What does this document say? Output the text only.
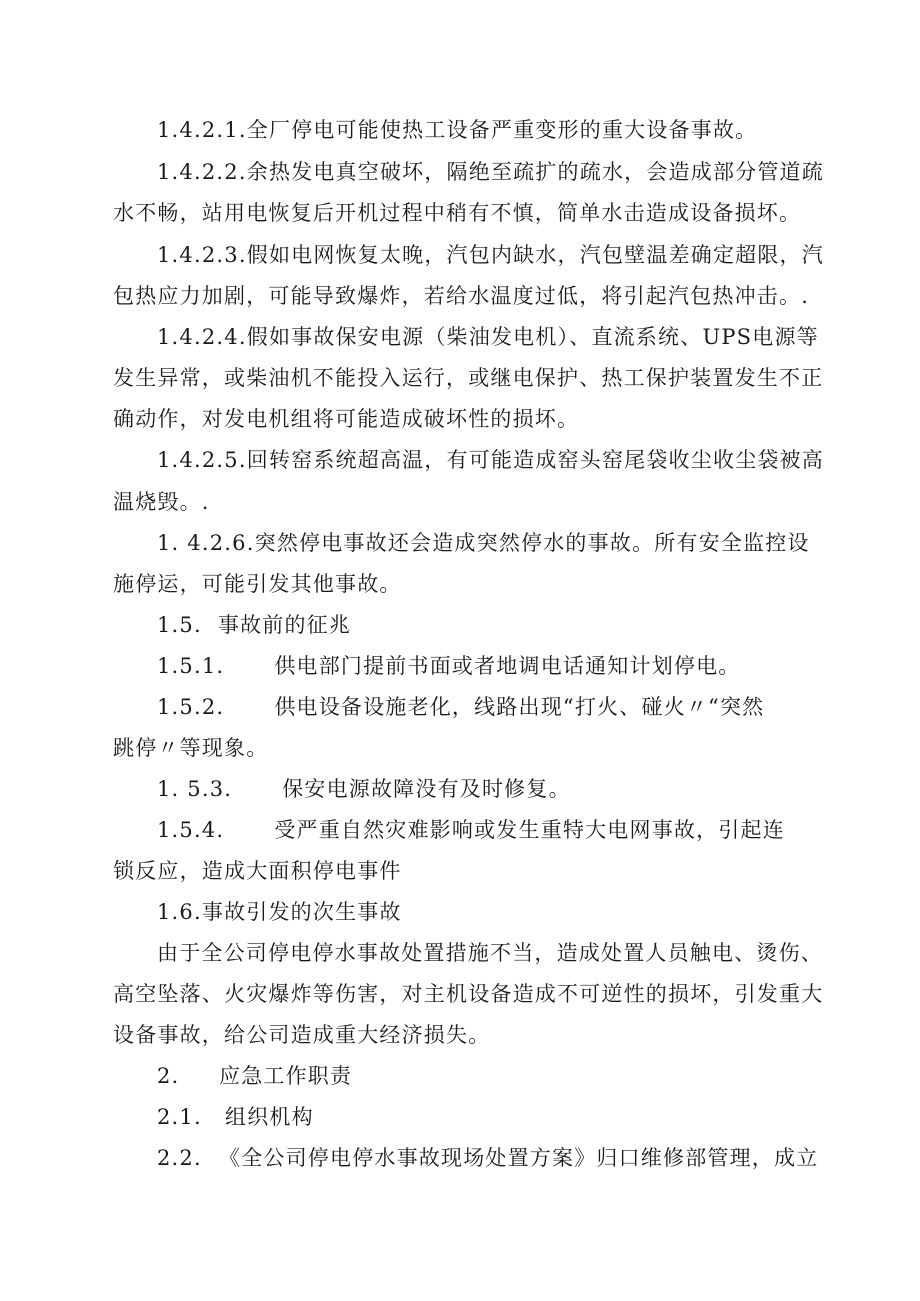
1.4.2.1.全厂停电可能使热工设备严重变形的重大设备事故。
1.4.2.2.余热发电真空破坏，隔绝至疏扩的疏水，会造成部分管道疏
水不畅，站用电恢复后开机过程中稍有不慎，简单水击造成设备损坏。
1.4.2.3.假如电网恢复太晚，汽包内缺水，汽包壁温差确定超限，汽
包热应力加剧，可能导致爆炸，若给水温度过低，将引起汽包热冲击。.
1.4.2.4.假如事故保安电源（柴油发电机）、直流系统、UPS电源等
发生异常，或柴油机不能投入运行，或继电保护、热工保护装置发生不正
确动作，对发电机组将可能造成破坏性的损坏。
1.4.2.5.回转窑系统超高温，有可能造成窑头窑尾袋收尘收尘袋被高
温烧毁。.
1. 4.2.6.突然停电事故还会造成突然停水的事故。所有安全监控设
施停运，可能引发其他事故。
1.5. 事故前的征兆
1.5.1. 供电部门提前书面或者地调电话通知计划停电。
1.5.2. 供电设备设施老化，线路出现“打火、碰火〃“突然
跳停〃等现象。
1. 5.3. 保安电源故障没有及时修复。
1.5.4. 受严重自然灾难影响或发生重特大电网事故，引起连
锁反应，造成大面积停电事件
1.6.事故引发的次生事故
由于全公司停电停水事故处置措施不当，造成处置人员触电、烫伤、
高空坠落、火灾爆炸等伤害，对主机设备造成不可逆性的损坏，引发重大
设备事故，给公司造成重大经济损失。
2. 应急工作职责
2.1. 组织机构
2.2. 《全公司停电停水事故现场处置方案》归口维修部管理，成立
